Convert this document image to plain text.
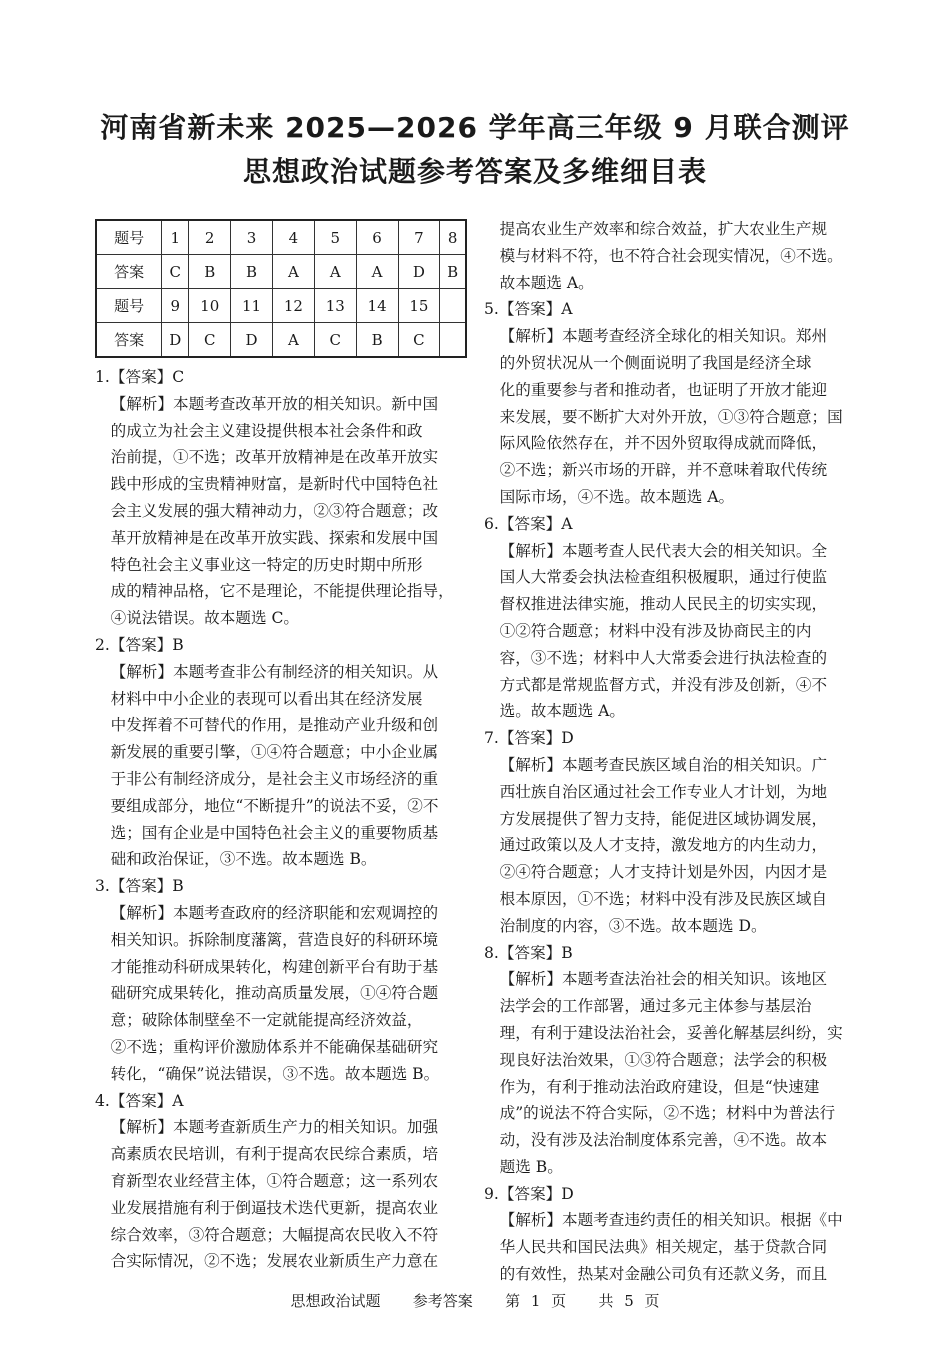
河南省新未来 2025—2026 学年高三年级 9 月联合测评
思想政治试题参考答案及多维细目表
题号	1	2	3	4	5	6	7	8
答案	C	B	B	A	A	A	D	B
题号	9	10	11	12	13	14	15	
答案	D	C	D	A	C	B	C	
1.【答案】C
【解析】本题考查改革开放的相关知识。新中国
的成立为社会主义建设提供根本社会条件和政
治前提，①不选；改革开放精神是在改革开放实
践中形成的宝贵精神财富，是新时代中国特色社
会主义发展的强大精神动力，②③符合题意；改
革开放精神是在改革开放实践、探索和发展中国
特色社会主义事业这一特定的历史时期中所形
成的精神品格，它不是理论，不能提供理论指导，
④说法错误。故本题选 C。
2.【答案】B
【解析】本题考查非公有制经济的相关知识。从
材料中中小企业的表现可以看出其在经济发展
中发挥着不可替代的作用，是推动产业升级和创
新发展的重要引擎，①④符合题意；中小企业属
于非公有制经济成分，是社会主义市场经济的重
要组成部分，地位“不断提升”的说法不妥，②不
选；国有企业是中国特色社会主义的重要物质基
础和政治保证，③不选。故本题选 B。
3.【答案】B
【解析】本题考查政府的经济职能和宏观调控的
相关知识。拆除制度藩篱，营造良好的科研环境
才能推动科研成果转化，构建创新平台有助于基
础研究成果转化，推动高质量发展，①④符合题
意；破除体制壁垒不一定就能提高经济效益，
②不选；重构评价激励体系并不能确保基础研究
转化，“确保”说法错误，③不选。故本题选 B。
4.【答案】A
【解析】本题考查新质生产力的相关知识。加强
高素质农民培训，有利于提高农民综合素质，培
育新型农业经营主体，①符合题意；这一系列农
业发展措施有利于倒逼技术迭代更新，提高农业
综合效率，③符合题意；大幅提高农民收入不符
合实际情况，②不选；发展农业新质生产力意在
提高农业生产效率和综合效益，扩大农业生产规
模与材料不符，也不符合社会现实情况，④不选。
故本题选 A。
5.【答案】A
【解析】本题考查经济全球化的相关知识。郑州
的外贸状况从一个侧面说明了我国是经济全球
化的重要参与者和推动者，也证明了开放才能迎
来发展，要不断扩大对外开放，①③符合题意；国
际风险依然存在，并不因外贸取得成就而降低，
②不选；新兴市场的开辟，并不意味着取代传统
国际市场，④不选。故本题选 A。
6.【答案】A
【解析】本题考查人民代表大会的相关知识。全
国人大常委会执法检查组积极履职，通过行使监
督权推进法律实施，推动人民民主的切实实现，
①②符合题意；材料中没有涉及协商民主的内
容，③不选；材料中人大常委会进行执法检查的
方式都是常规监督方式，并没有涉及创新，④不
选。故本题选 A。
7.【答案】D
【解析】本题考查民族区域自治的相关知识。广
西壮族自治区通过社会工作专业人才计划，为地
方发展提供了智力支持，能促进区域协调发展，
通过政策以及人才支持，激发地方的内生动力，
②④符合题意；人才支持计划是外因，内因才是
根本原因，①不选；材料中没有涉及民族区域自
治制度的内容，③不选。故本题选 D。
8.【答案】B
【解析】本题考查法治社会的相关知识。该地区
法学会的工作部署，通过多元主体参与基层治
理，有利于建设法治社会，妥善化解基层纠纷，实
现良好法治效果，①③符合题意；法学会的积极
作为，有利于推动法治政府建设，但是“快速建
成”的说法不符合实际，②不选；材料中为普法行
动，没有涉及法治制度体系完善，④不选。故本
题选 B。
9.【答案】D
【解析】本题考查违约责任的相关知识。根据《中
华人民共和国民法典》相关规定，基于贷款合同
的有效性，热某对金融公司负有还款义务，而且
思想政治试题   参考答案   第 1 页   共 5 页
